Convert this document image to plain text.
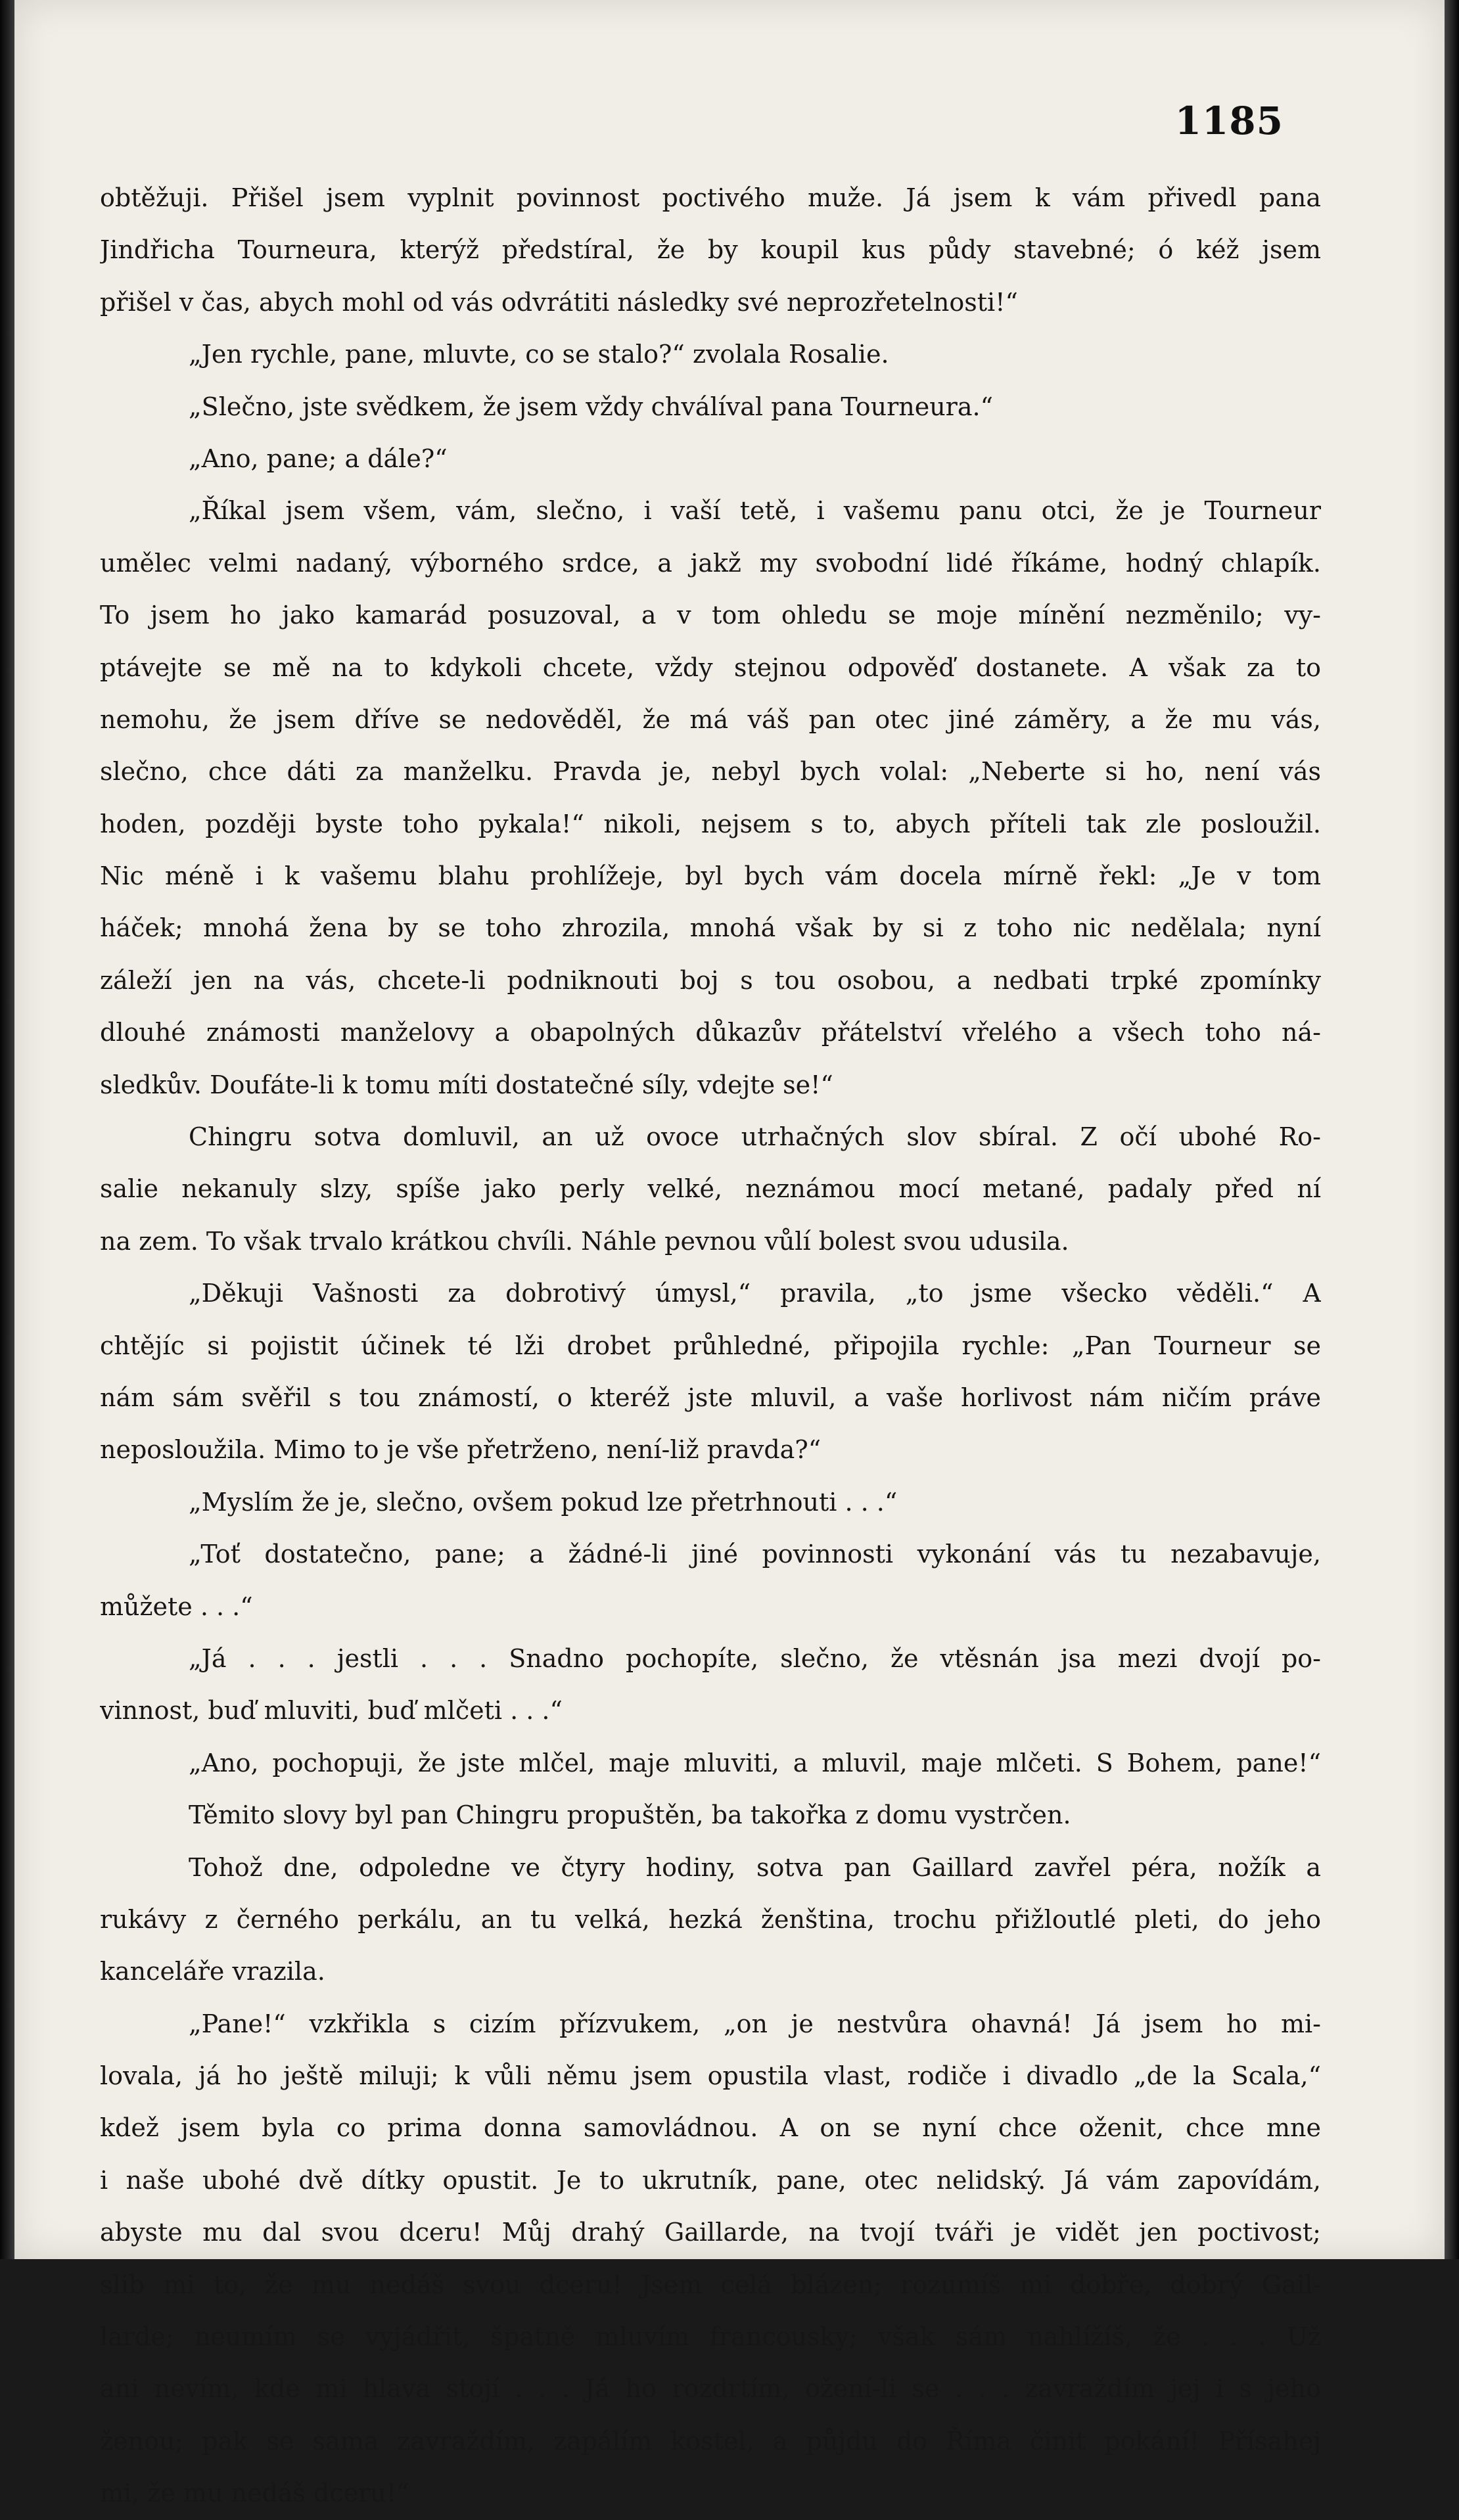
1185

obtěžuji. Přišel jsem vyplnit povinnost poctivého muže. Já jsem k vám přivedl pana

Jindřicha Tourneura, kterýž předstíral, že by koupil kus půdy stavebné; ó kéž jsem

přišel v čas, abych mohl od vás odvrátiti následky své neprozřetelnosti!“

„Jen rychle, pane, mluvte, co se stalo?“ zvolala Rosalie.

„Slečno, jste svědkem, že jsem vždy chválíval pana Tourneura.“

„Ano, pane; a dále?“

„Říkal jsem všem, vám, slečno, i vaší tetě, i vašemu panu otci, že je Tourneur

umělec velmi nadaný, výborného srdce, a jakž my svobodní lidé říkáme, hodný chlapík.

To jsem ho jako kamarád posuzoval, a v tom ohledu se moje mínění nezměnilo; vy-

ptávejte se mě na to kdykoli chcete, vždy stejnou odpověď dostanete. A však za to

nemohu, že jsem dříve se nedověděl, že má váš pan otec jiné záměry, a že mu vás,

slečno, chce dáti za manželku. Pravda je, nebyl bych volal: „Neberte si ho, není vás

hoden, později byste toho pykala!“ nikoli, nejsem s to, abych příteli tak zle posloužil.

Nic méně i k vašemu blahu prohlížeje, byl bych vám docela mírně řekl: „Je v tom

háček; mnohá žena by se toho zhrozila, mnohá však by si z toho nic nedělala; nyní

záleží jen na vás, chcete-li podniknouti boj s tou osobou, a nedbati trpké zpomínky

dlouhé známosti manželovy a obapolných důkazův přátelství vřelého a všech toho ná-

sledkův. Doufáte-li k tomu míti dostatečné síly, vdejte se!“

Chingru sotva domluvil, an už ovoce utrhačných slov sbíral. Z očí ubohé Ro-

salie nekanuly slzy, spíše jako perly velké, neznámou mocí metané, padaly před ní

na zem. To však trvalo krátkou chvíli. Náhle pevnou vůlí bolest svou udusila.

„Děkuji Vašnosti za dobrotivý úmysl,“ pravila, „to jsme všecko věděli.“ A

chtějíc si pojistit účinek té lži drobet průhledné, připojila rychle: „Pan Tourneur se

nám sám svěřil s tou známostí, o kteréž jste mluvil, a vaše horlivost nám ničím práve

neposloužila. Mimo to je vše přetrženo, není-liž pravda?“

„Myslím že je, slečno, ovšem pokud lze přetrhnouti . . .“

„Toť dostatečno, pane; a žádné-li jiné povinnosti vykonání vás tu nezabavuje,

můžete . . .“

„Já . . . jestli . . . Snadno pochopíte, slečno, že vtěsnán jsa mezi dvojí po-

vinnost, buď mluviti, buď mlčeti . . .“

„Ano, pochopuji, že jste mlčel, maje mluviti, a mluvil, maje mlčeti. S Bohem, pane!“

Těmito slovy byl pan Chingru propuštěn, ba takořka z domu vystrčen.

Tohož dne, odpoledne ve čtyry hodiny, sotva pan Gaillard zavřel péra, nožík a

rukávy z černého perkálu, an tu velká, hezká ženština, trochu přižloutlé pleti, do jeho

kanceláře vrazila.

„Pane!“ vzkřikla s cizím přízvukem, „on je nestvůra ohavná! Já jsem ho mi-

lovala, já ho ještě miluji; k vůli němu jsem opustila vlast, rodiče i divadlo „de la Scala,“

kdež jsem byla co prima donna samovládnou. A on se nyní chce oženit, chce mne

i naše ubohé dvě dítky opustit. Je to ukrutník, pane, otec nelidský. Já vám zapovídám,

abyste mu dal svou dceru! Můj drahý Gaillarde, na tvojí tváři je vidět jen poctivost;

slib mi to, že mu nedáš svou dceru! Jsem celá blázen; rozumíš mi dobře, dobrý Gail-

larde; neumím se vyjádřit, špatně mluvím francousky; však sám nahlížíš, že . . . Už

ani nevím, kde mi hlava stojí . . . Já ho rozdrtím, ožení-li se . . . zavraždím jej i s jeho

ženou; pak se sama zavraždím, zapálím kostel, a půjdu do Říma činit pokání! Přísahej

mi, že mu nedáš dceru!“
